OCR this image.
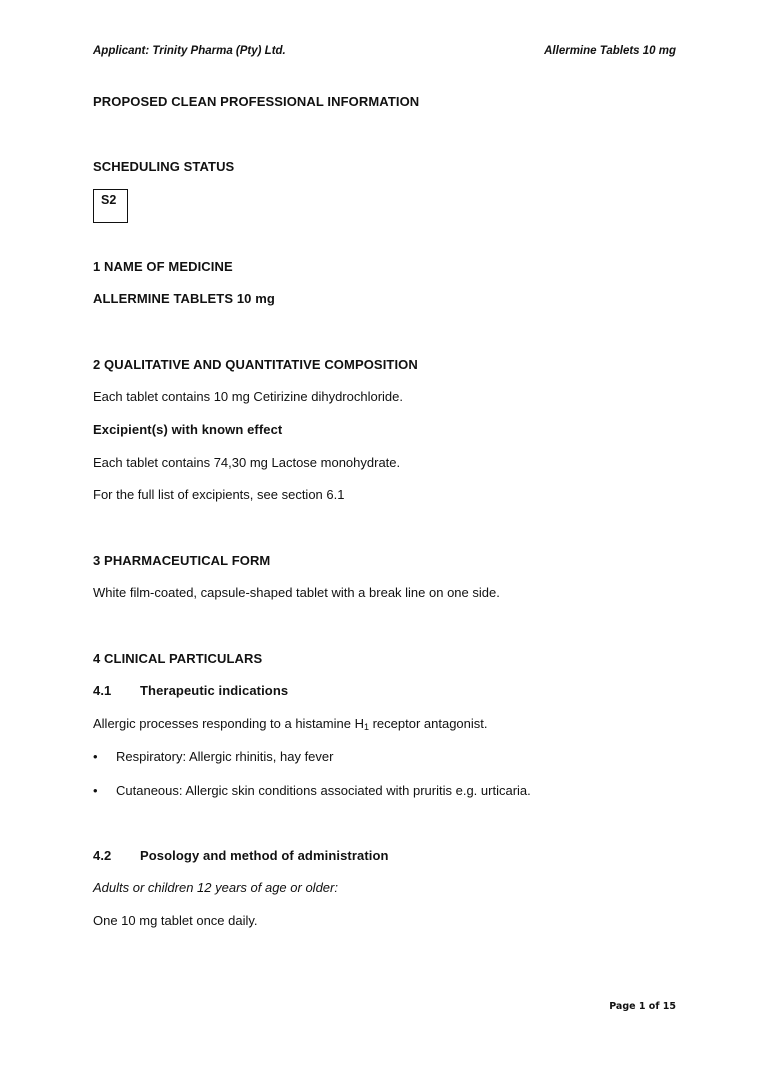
Applicant: Trinity Pharma (Pty) Ltd.	Allermine Tablets 10 mg

PROPOSED CLEAN PROFESSIONAL INFORMATION

SCHEDULING STATUS

S2

1 NAME OF MEDICINE

ALLERMINE TABLETS 10 mg

2 QUALITATIVE AND QUANTITATIVE COMPOSITION

Each tablet contains 10 mg Cetirizine dihydrochloride.

Excipient(s) with known effect

Each tablet contains 74,30 mg Lactose monohydrate.

For the full list of excipients, see section 6.1

3 PHARMACEUTICAL FORM

White film-coated, capsule-shaped tablet with a break line on one side.

4 CLINICAL PARTICULARS

4.1 Therapeutic indications

Allergic processes responding to a histamine $H_1$ receptor antagonist.

• Respiratory: Allergic rhinitis, hay fever

• Cutaneous: Allergic skin conditions associated with pruritis e.g. urticaria.

4.2 Posology and method of administration

Adults or children 12 years of age or older:

One 10 mg tablet once daily.

Page 1 of 15
